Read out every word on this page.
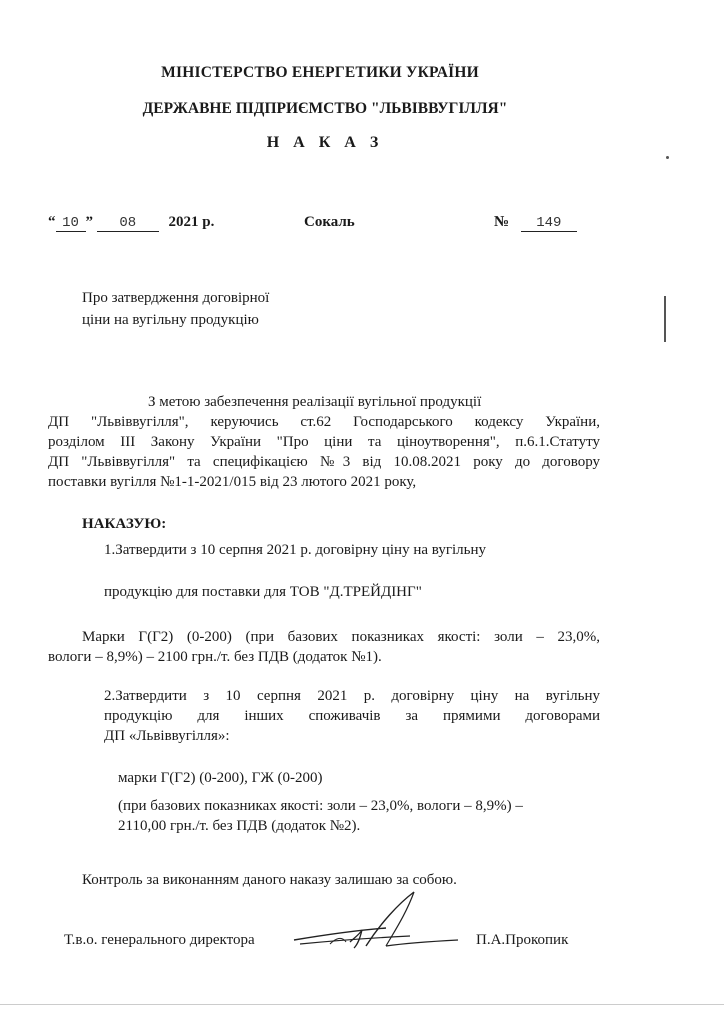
МІНІСТЕРСТВО ЕНЕРГЕТИКИ УКРАЇНИ
ДЕРЖАВНЕ ПІДПРИЄМСТВО "ЛЬВІВВУГІЛЛЯ"
Н А К А З
“ 10 ” 08 2021 р.	Сокаль	№ 149
Про затвердження договірної
ціни на вугільну продукцію
З метою забезпечення реалізації вугільної продукції
ДП "Львіввугілля", керуючись ст.62 Господарського кодексу України,
розділом ІІІ Закону України "Про ціни та ціноутворення", п.6.1.Статуту
ДП "Львіввугілля" та специфікацією №3 від 10.08.2021 року до договору
поставки вугілля №1-1-2021/015 від 23 лютого 2021 року,
НАКАЗУЮ:
1.Затвердити з 10 серпня 2021 р. договірну ціну на вугільну
продукцію для поставки для ТОВ "Д.ТРЕЙДІНГ"
Марки Г(Г2) (0-200) (при базових показниках якості: золи – 23,0%,
вологи – 8,9%) – 2100 грн./т. без ПДВ (додаток №1).
2.Затвердити з 10 серпня 2021 р. договірну ціну на вугільну
продукцію для інших споживачів за прямими договорами
ДП «Львіввугілля»:
марки Г(Г2) (0-200), ГЖ (0-200)
(при базових показниках якості: золи – 23,0%, вологи – 8,9%) –
2110,00 грн./т. без ПДВ (додаток №2).
Контроль за виконанням даного наказу залишаю за собою.
Т.в.о. генерального директора	П.А.Прокопик
